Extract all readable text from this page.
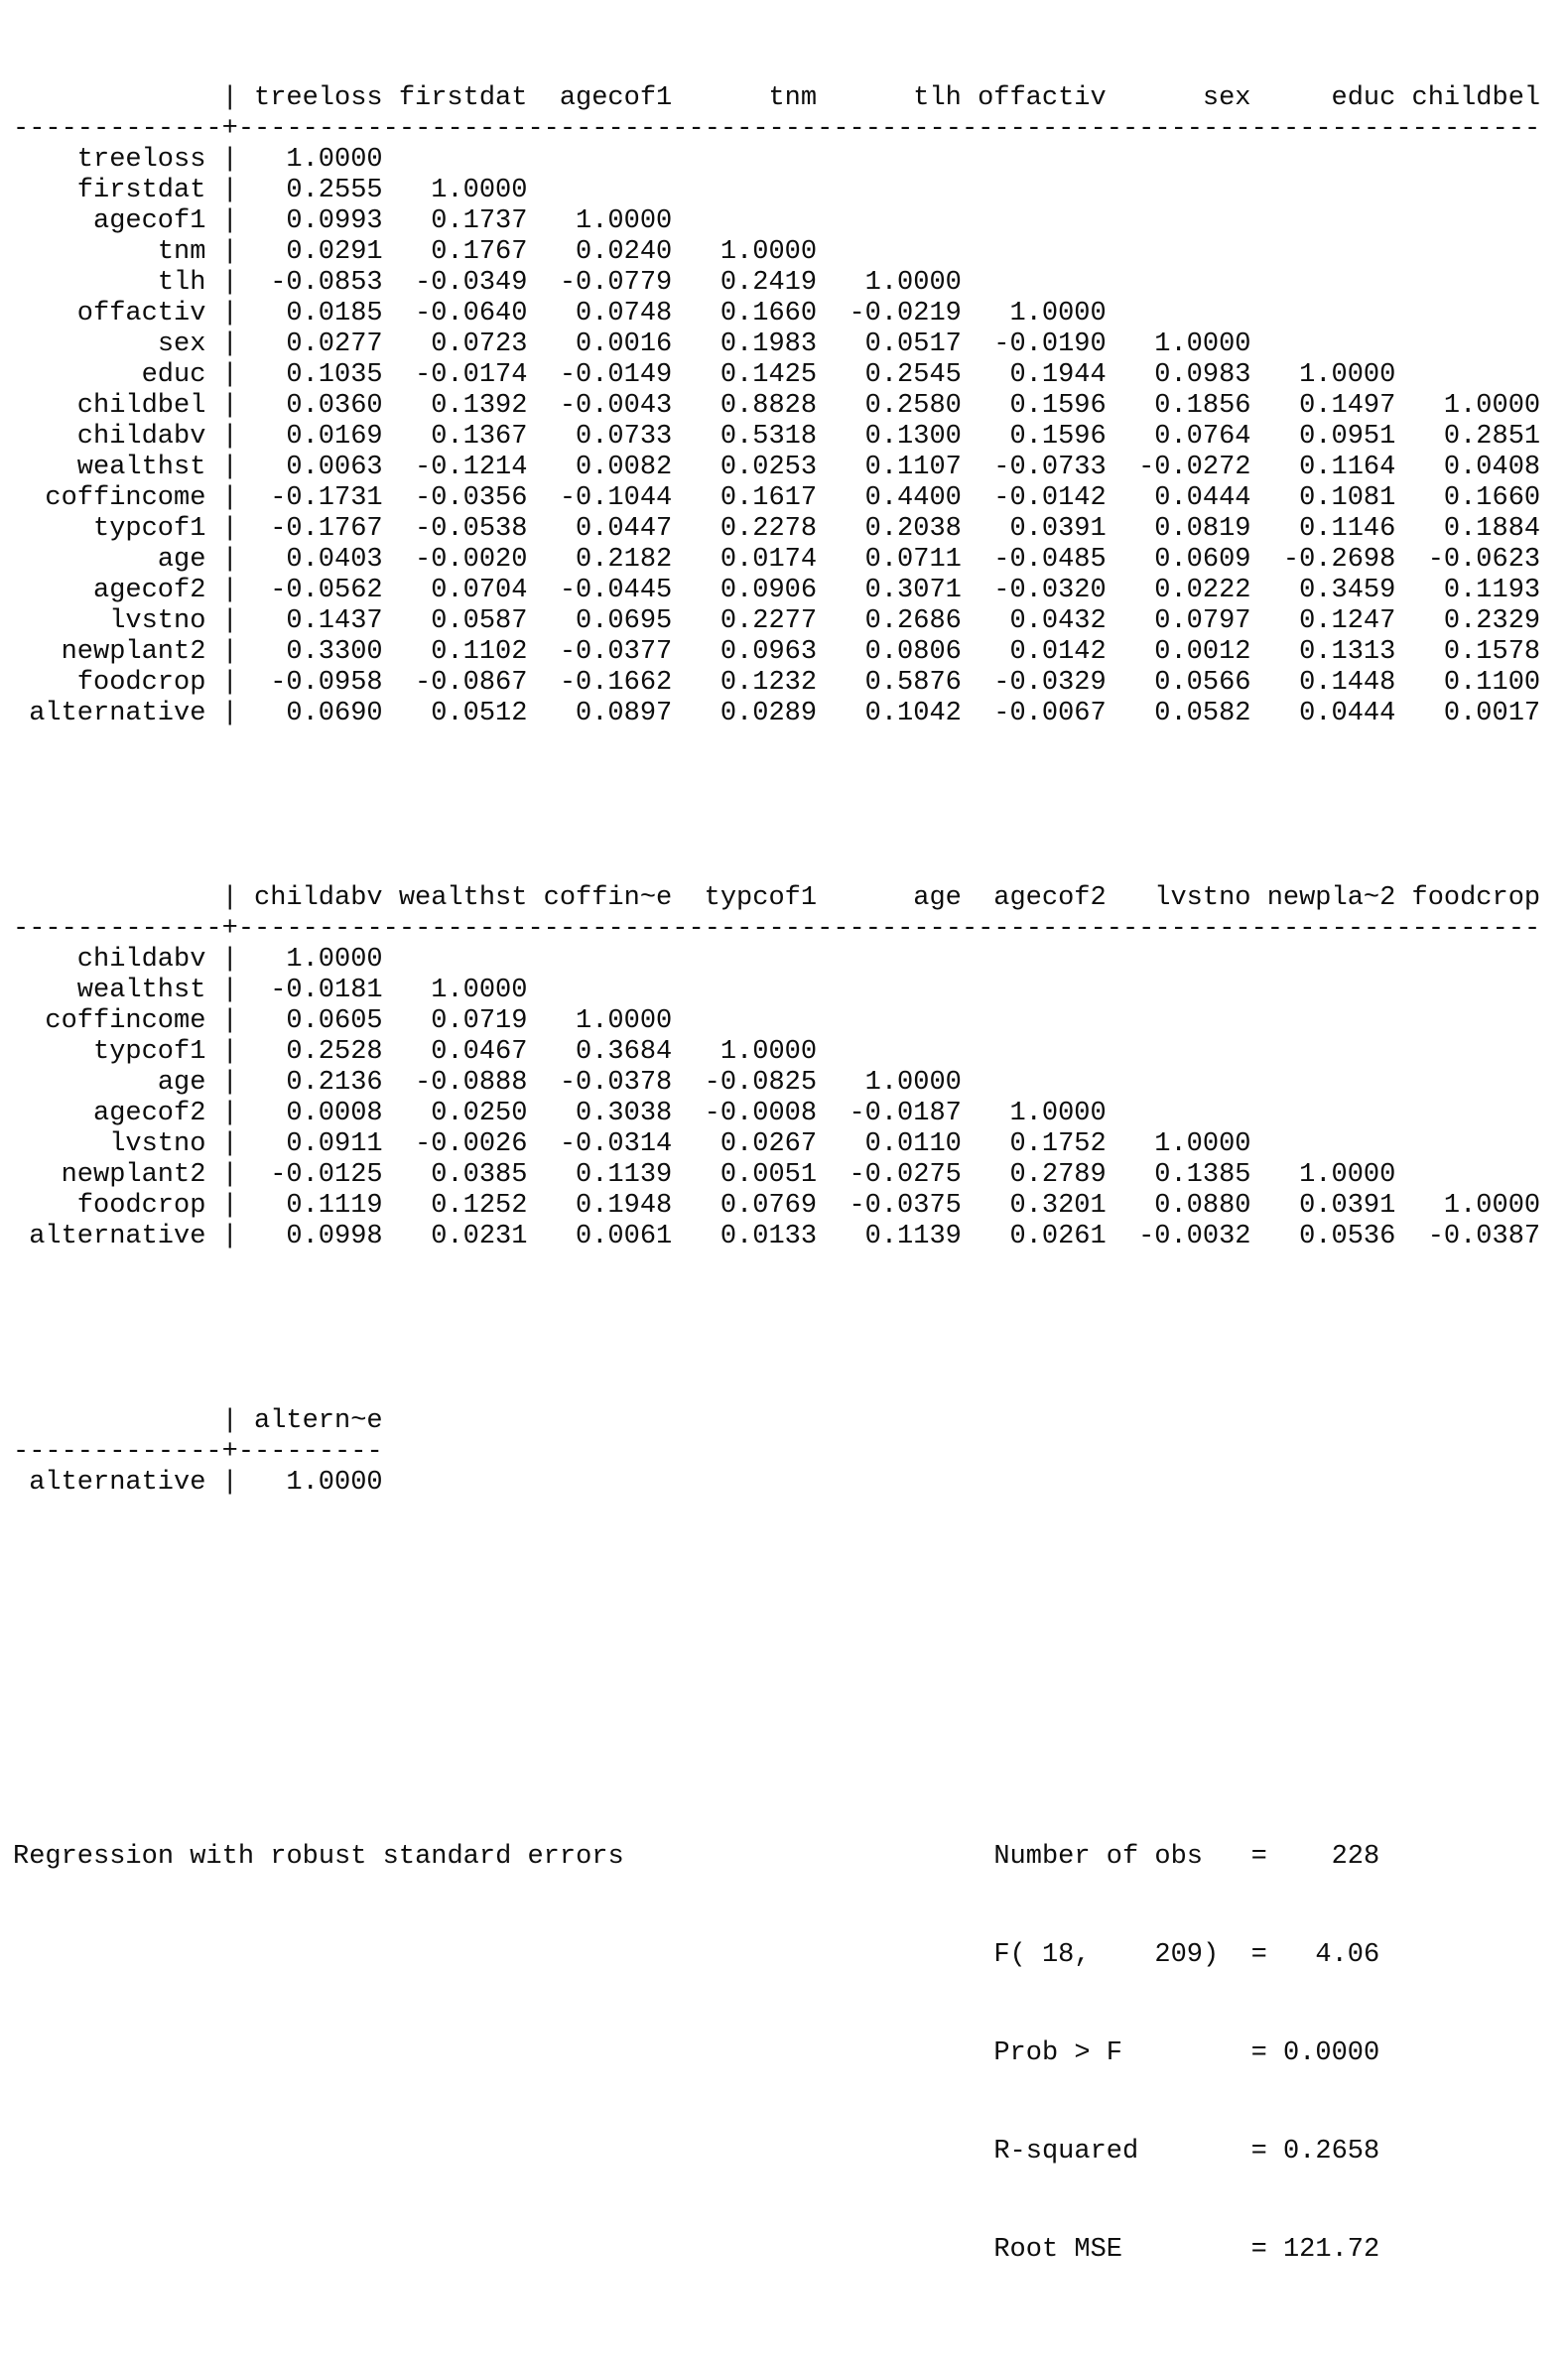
| treeloss firstdat agecof1	tnm	tlh offactiv	sex	educ childbel
-------------+---------------------------------------------------------------------------------
treeloss | 1.0000
firstdat | 0.2555 1.0000
agecof1 | 0.0993 0.1737 1.0000
tnm | 0.0291 0.1767 0.0240 1.0000
tlh | -0.0853 -0.0349 -0.0779 0.2419 1.0000
offactiv | 0.0185 -0.0640 0.0748 0.1660 -0.0219 1.0000
sex | 0.0277 0.0723 0.0016 0.1983 0.0517 -0.0190 1.0000
educ | 0.1035 -0.0174 -0.0149 0.1425 0.2545 0.1944 0.0983 1.0000
childbel | 0.0360 0.1392 -0.0043 0.8828 0.2580 0.1596 0.1856 0.1497 1.0000
childabv | 0.0169 0.1367 0.0733 0.5318 0.1300 0.1596 0.0764 0.0951 0.2851
wealthst | 0.0063 -0.1214 0.0082 0.0253 0.1107 -0.0733 -0.0272 0.1164 0.0408
coffincome | -0.1731 -0.0356 -0.1044 0.1617 0.4400 -0.0142 0.0444 0.1081 0.1660
typcof1 | -0.1767 -0.0538 0.0447 0.2278 0.2038 0.0391 0.0819 0.1146 0.1884
age | 0.0403 -0.0020 0.2182 0.0174 0.0711 -0.0485 0.0609 -0.2698 -0.0623
agecof2 | -0.0562 0.0704 -0.0445 0.0906 0.3071 -0.0320 0.0222 0.3459 0.1193
lvstno | 0.1437 0.0587 0.0695 0.2277 0.2686 0.0432 0.0797 0.1247 0.2329
newplant2 | 0.3300 0.1102 -0.0377 0.0963 0.0806 0.0142 0.0012 0.1313 0.1578
foodcrop | -0.0958 -0.0867 -0.1662 0.1232 0.5876 -0.0329 0.0566 0.1448 0.1100
alternative | 0.0690 0.0512 0.0897 0.0289 0.1042 -0.0067 0.0582 0.0444 0.0017

| childabv wealthst coffin~e typcof1	age agecof2 lvstno newpla~2 foodcrop
-------------+---------------------------------------------------------------------------------
childabv | 1.0000
wealthst | -0.0181 1.0000
coffincome | 0.0605 0.0719 1.0000
typcof1 | 0.2528 0.0467 0.3684 1.0000
age | 0.2136 -0.0888 -0.0378 -0.0825 1.0000
agecof2 | 0.0008 0.0250 0.3038 -0.0008 -0.0187 1.0000
lvstno | 0.0911 -0.0026 -0.0314 0.0267 0.0110 0.1752 1.0000
newplant2 | -0.0125 0.0385 0.1139 0.0051 -0.0275 0.2789 0.1385 1.0000
foodcrop | 0.1119 0.1252 0.1948 0.0769 -0.0375 0.3201 0.0880 0.0391 1.0000
alternative | 0.0998 0.0231 0.0061 0.0133 0.1139 0.0261 -0.0032 0.0536 -0.0387

| altern~e
-------------+---------
alternative | 1.0000

Regression with robust standard errors	Number of obs = 228

F( 18,    209) = 4.06

Prob > F	= 0.0000

R-squared	= 0.2658

Root MSE	= 121.72
